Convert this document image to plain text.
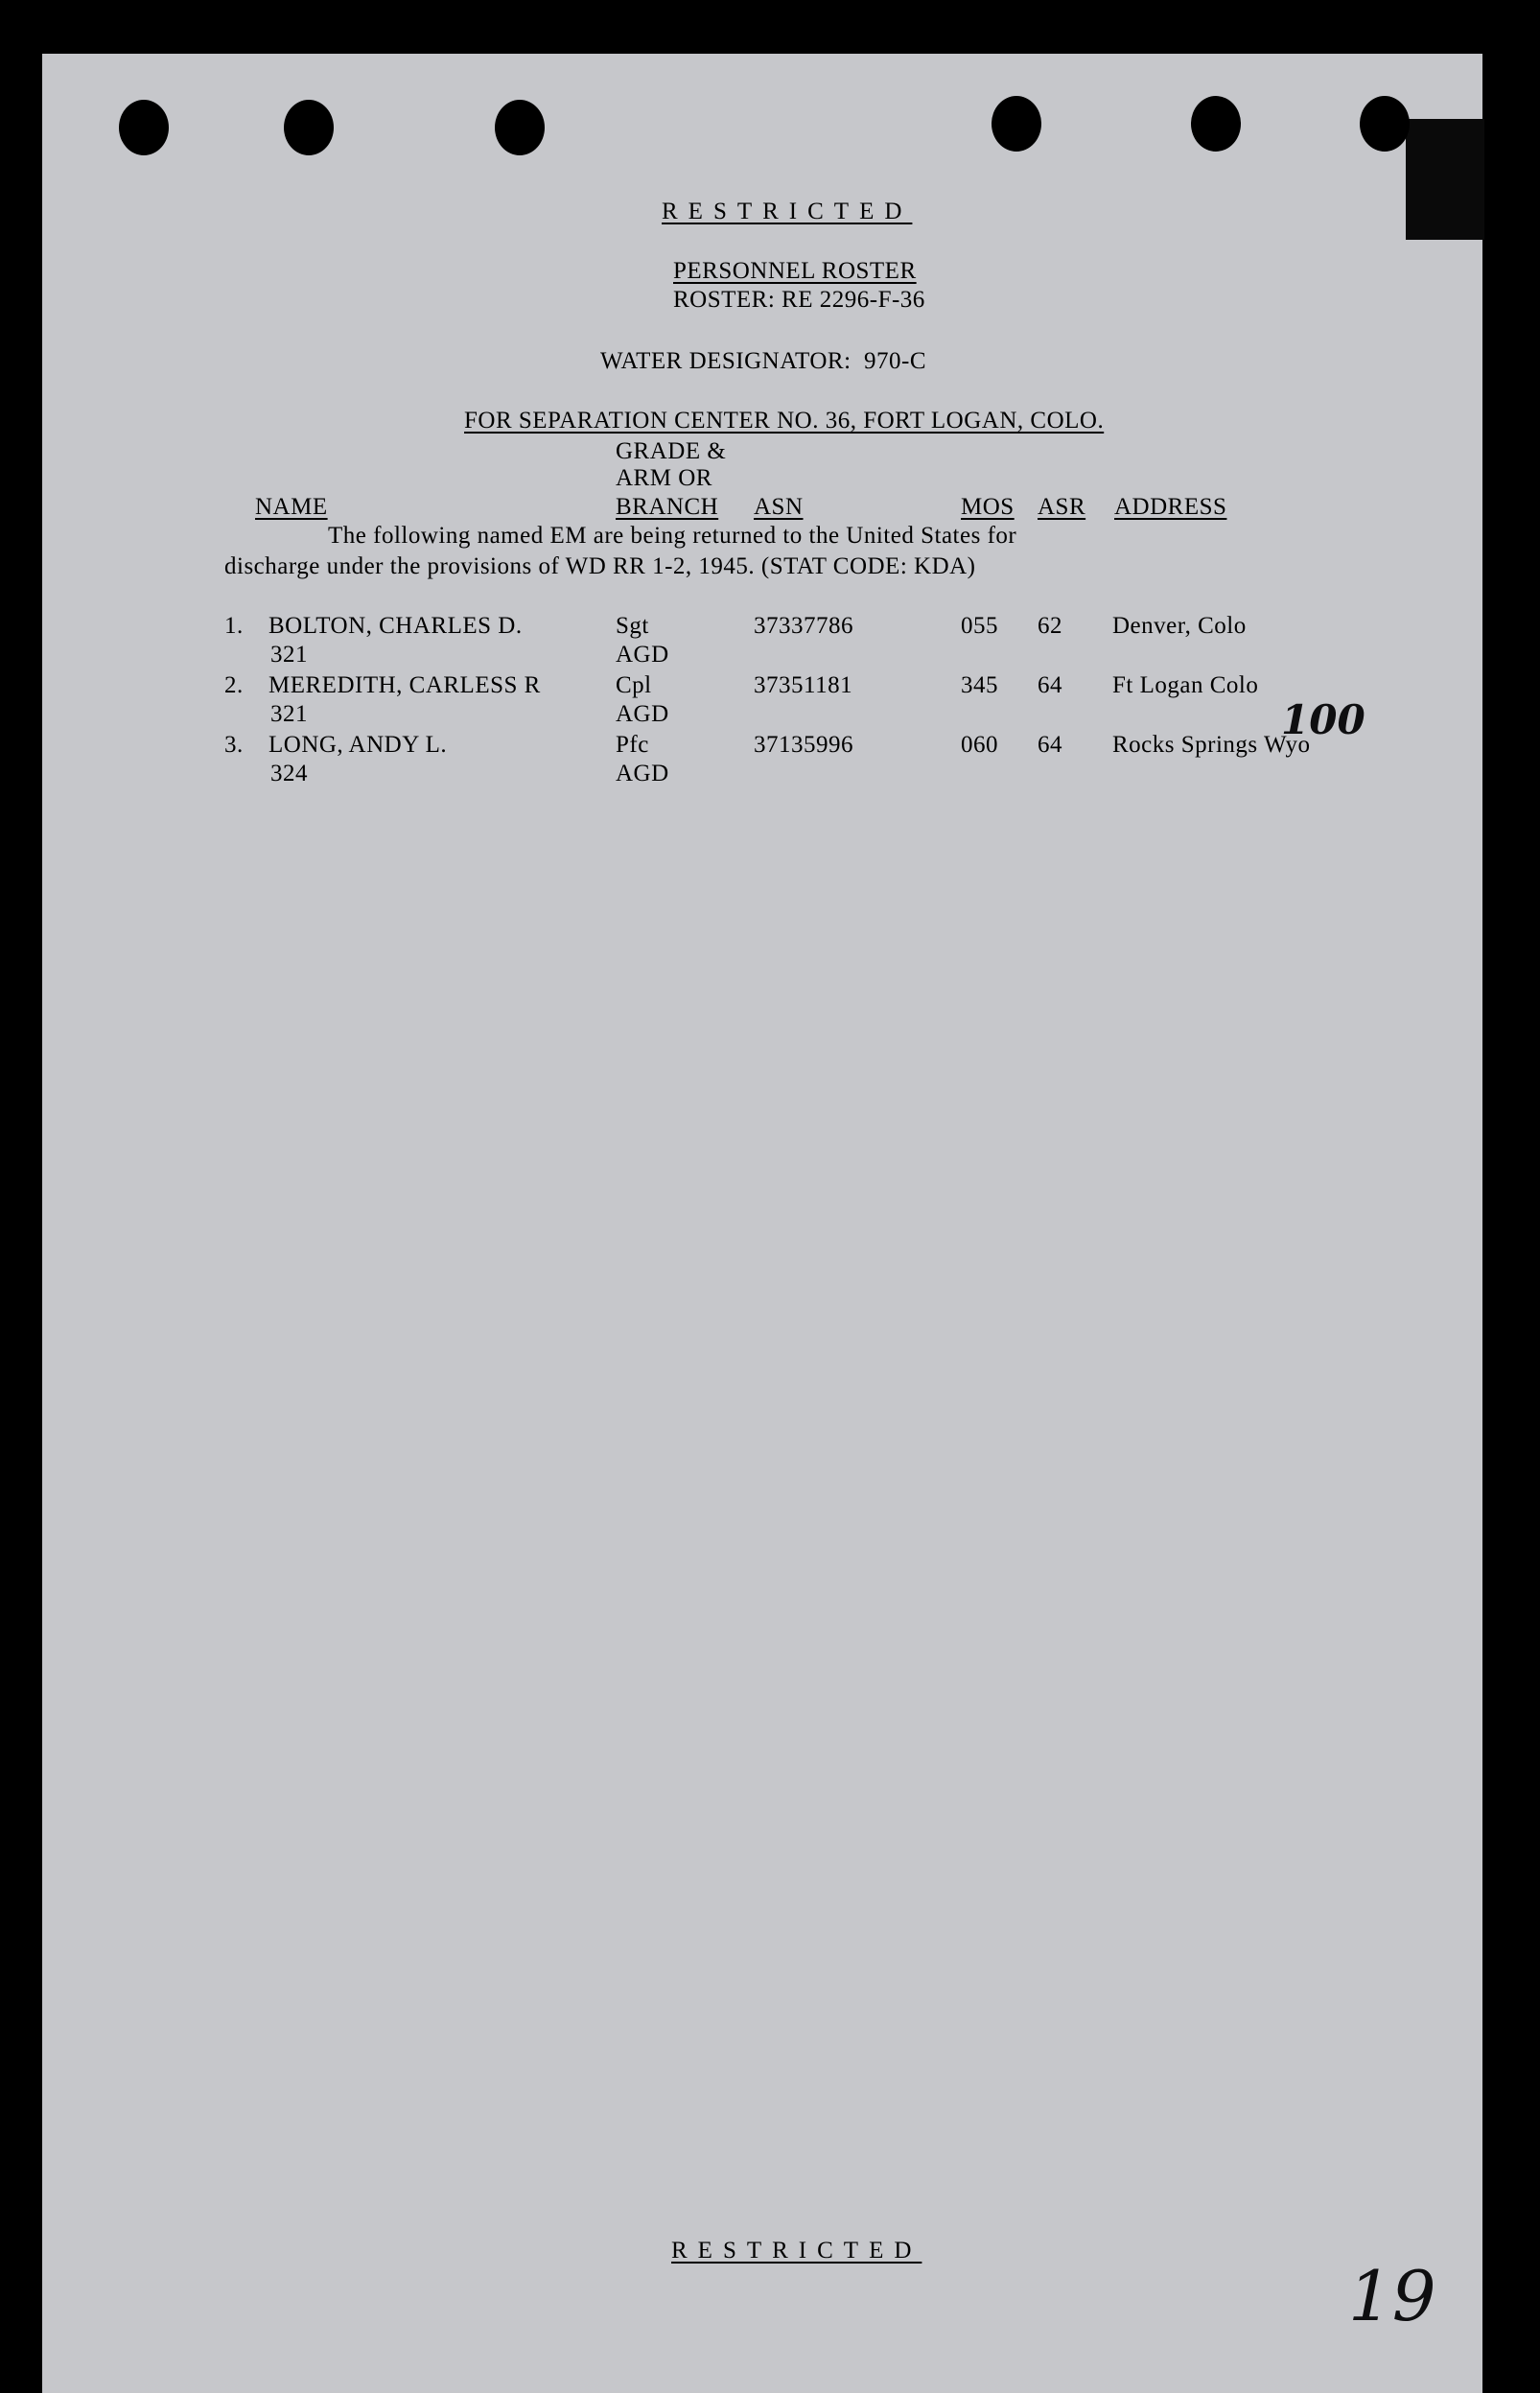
RESTRICTED
PERSONNEL ROSTER
ROSTER: RE 2296-F-36
WATER DESIGNATOR:  970-C
FOR SEPARATION CENTER NO. 36, FORT LOGAN, COLO.
GRADE &
ARM OR
NAME	BRANCH ASN	MOS ASR ADDRESS
The following named EM are being returned to the United States for
discharge under the provisions of WD RR 1-2, 1945. (STAT CODE: KDA)
1. BOLTON, CHARLES D.	Sgt	37337786	055 62 Denver, Colo
321	AGD
2. MEREDITH, CARLESS R	Cpl	37351181	345 64 Ft Logan Colo
321	AGD
3. LONG, ANDY L.	Pfc	37135996	060 64 Rocks Springs Wyo
324	AGD
100
19
RESTRICTED
